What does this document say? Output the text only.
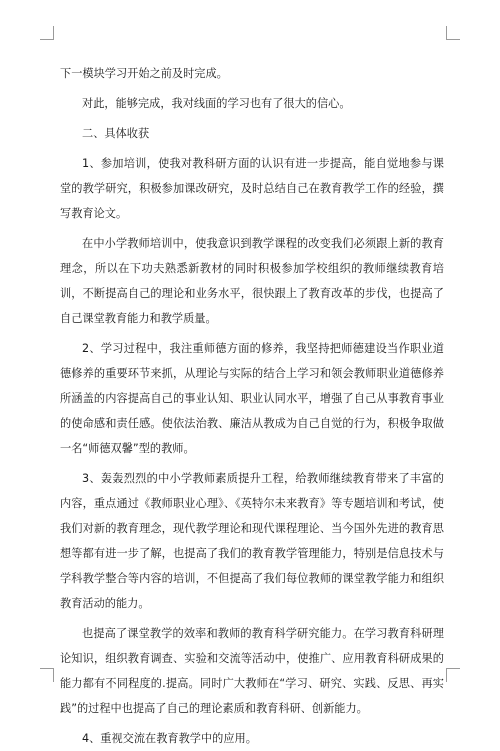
下一模块学习开始之前及时完成。

对此，能够完成，我对线面的学习也有了很大的信心。

二、具体收获

1、参加培训，使我对教科研方面的认识有进一步提高，能自觉地参与课堂的教学研究，积极参加课改研究，及时总结自己在教育教学工作的经验，撰写教育论文。

在中小学教师培训中，使我意识到教学课程的改变我们必须跟上新的教育理念，所以在下功夫熟悉新教材的同时积极参加学校组织的教师继续教育培训，不断提高自己的理论和业务水平，很快跟上了教育改革的步伐，也提高了自己课堂教育能力和教学质量。

2、学习过程中，我注重师德方面的修养，我坚持把师德建设当作职业道德修养的重要环节来抓，从理论与实际的结合上学习和领会教师职业道德修养所涵盖的内容提高自己的事业认知、职业认同水平，增强了自己从事教育事业的使命感和责任感。使依法治教、廉洁从教成为自己自觉的行为，积极争取做一名“师德双馨”型的教师。

3、轰轰烈烈的中小学教师素质提升工程，给教师继续教育带来了丰富的内容，重点通过《教师职业心理》、《英特尔未来教育》等专题培训和考试，使我们对新的教育理念，现代教学理论和现代课程理论、当今国外先进的教育思想等都有进一步了解，也提高了我们的教育教学管理能力，特别是信息技术与学科教学整合等内容的培训，不但提高了我们每位教师的课堂教学能力和组织教育活动的能力。

也提高了课堂教学的效率和教师的教育科学研究能力。在学习教育科研理论知识，组织教育调查、实验和交流等活动中，使推广、应用教育科研成果的能力都有不同程度的.提高。同时广大教师在“学习、研究、实践、反思、再实践”的过程中也提高了自己的理论素质和教育科研、创新能力。

4、重视交流在教育教学中的应用。
